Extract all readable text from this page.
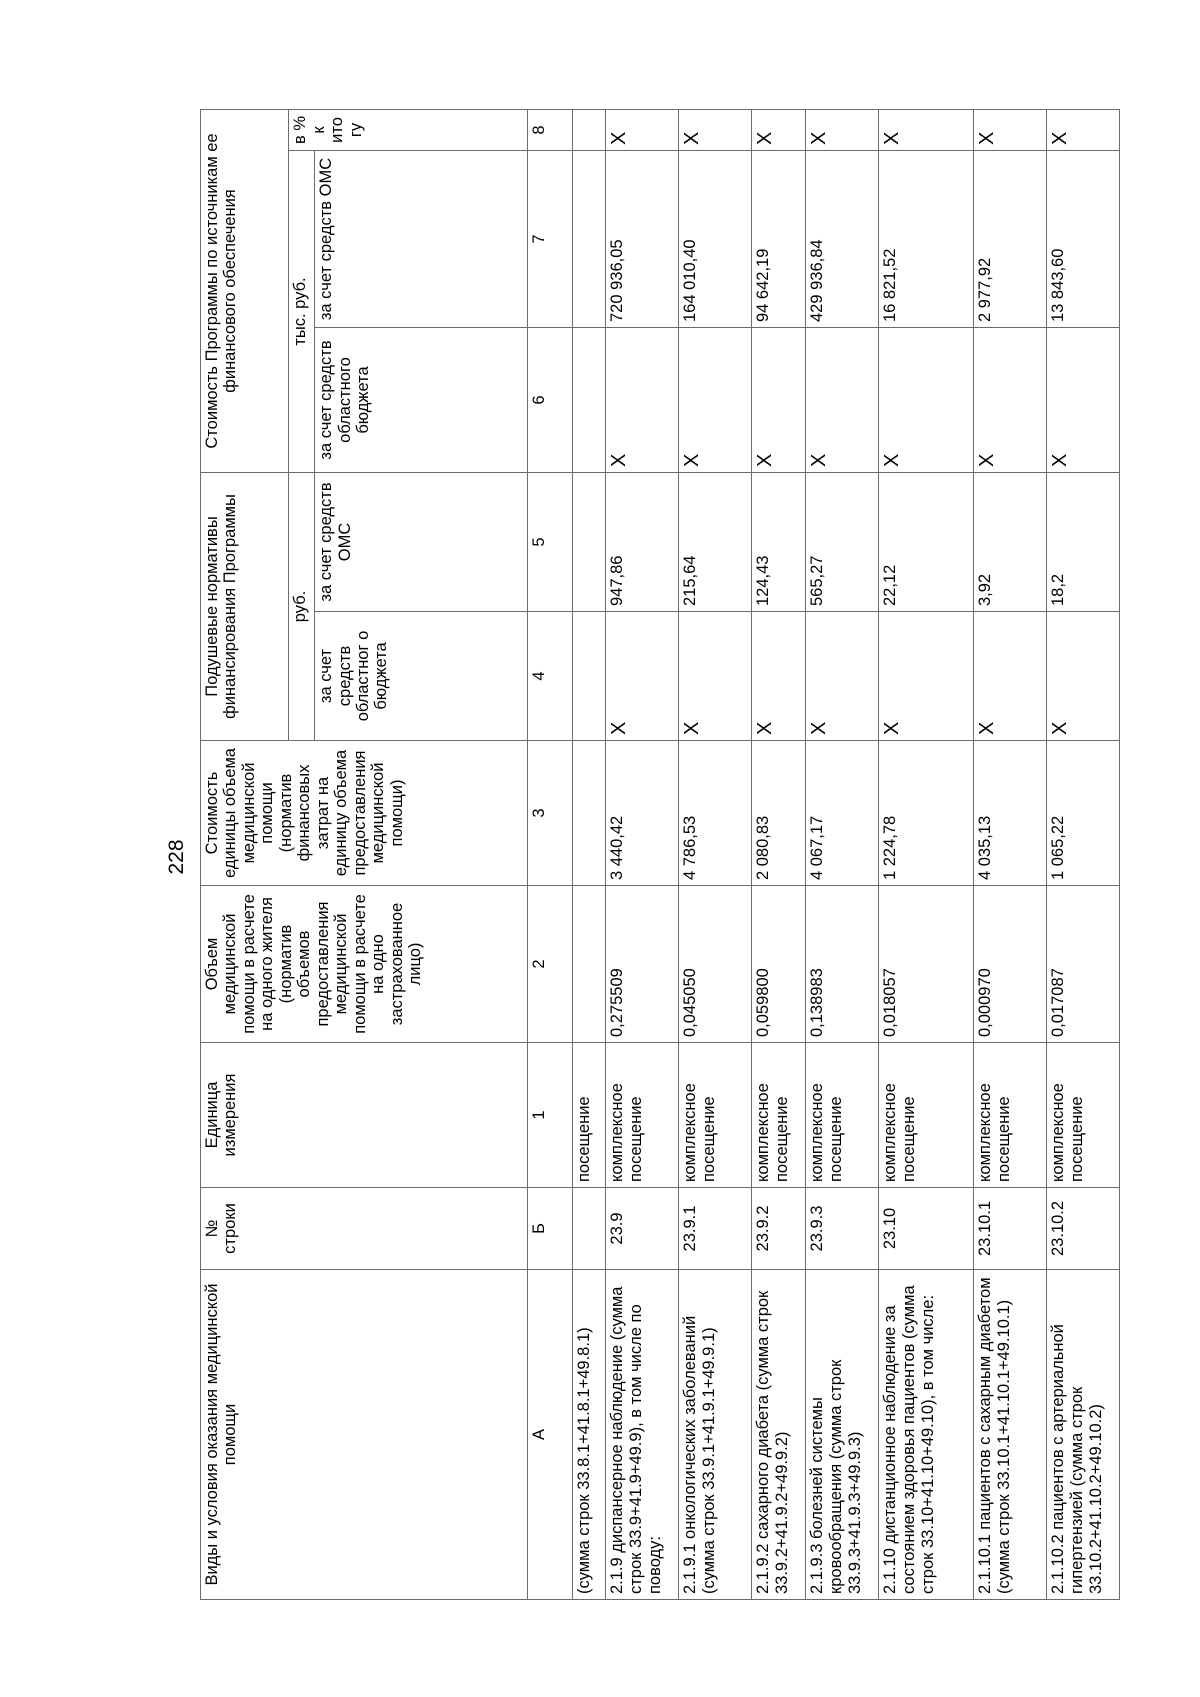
228
Виды и условия оказания медицинской помощи	№ строки	Единица измерения	Объем медицинской помощи в расчете на одного жителя (норматив объемов предоставления медицинской помощи в расчете на одно застрахованное лицо)	Стоимость единицы объема медицинской помощи (норматив финансовых затрат на единицу объема предоставления медицинской помощи)	Подушевые нормативы финансирования Программы		Стоимость Программы по источникам ее финансового обеспечения		
					руб.		тыс. руб.		в % к итогу
					за счет средств областног о бюджета	за счет средств ОМС	за счет средств областного бюджета	за счет средств ОМС	
А	Б	1	2	3	4	5	6	7	8
(сумма строк 33.8.1+41.8.1+49.8.1)		посещение							
2.1.9 диспансерное наблюдение (сумма строк 33.9+41.9+49.9), в том числе по поводу:	23.9	комплексное посещение	0,275509	3 440,42	X	947,86	X	720 936,05	X
2.1.9.1 онкологических заболеваний (сумма строк 33.9.1+41.9.1+49.9.1)	23.9.1	комплексное посещение	0,045050	4 786,53	X	215,64	X	164 010,40	X
2.1.9.2 сахарного диабета (сумма строк 33.9.2+41.9.2+49.9.2)	23.9.2	комплексное посещение	0,059800	2 080,83	X	124,43	X	94 642,19	X
2.1.9.3 болезней системы кровообращения (сумма строк 33.9.3+41.9.3+49.9.3)	23.9.3	комплексное посещение	0,138983	4 067,17	X	565,27	X	429 936,84	X
2.1.10 дистанционное наблюдение за состоянием здоровья пациентов (сумма строк 33.10+41.10+49.10), в том числе:	23.10	комплексное посещение	0,018057	1 224,78	X	22,12	X	16 821,52	X
2.1.10.1 пациентов с сахарным диабетом (сумма строк 33.10.1+41.10.1+49.10.1)	23.10.1	комплексное посещение	0,000970	4 035,13	X	3,92	X	2 977,92	X
2.1.10.2 пациентов с артериальной гипертензией (сумма строк 33.10.2+41.10.2+49.10.2)	23.10.2	комплексное посещение	0,017087	1 065,22	X	18,2	X	13 843,60	X
